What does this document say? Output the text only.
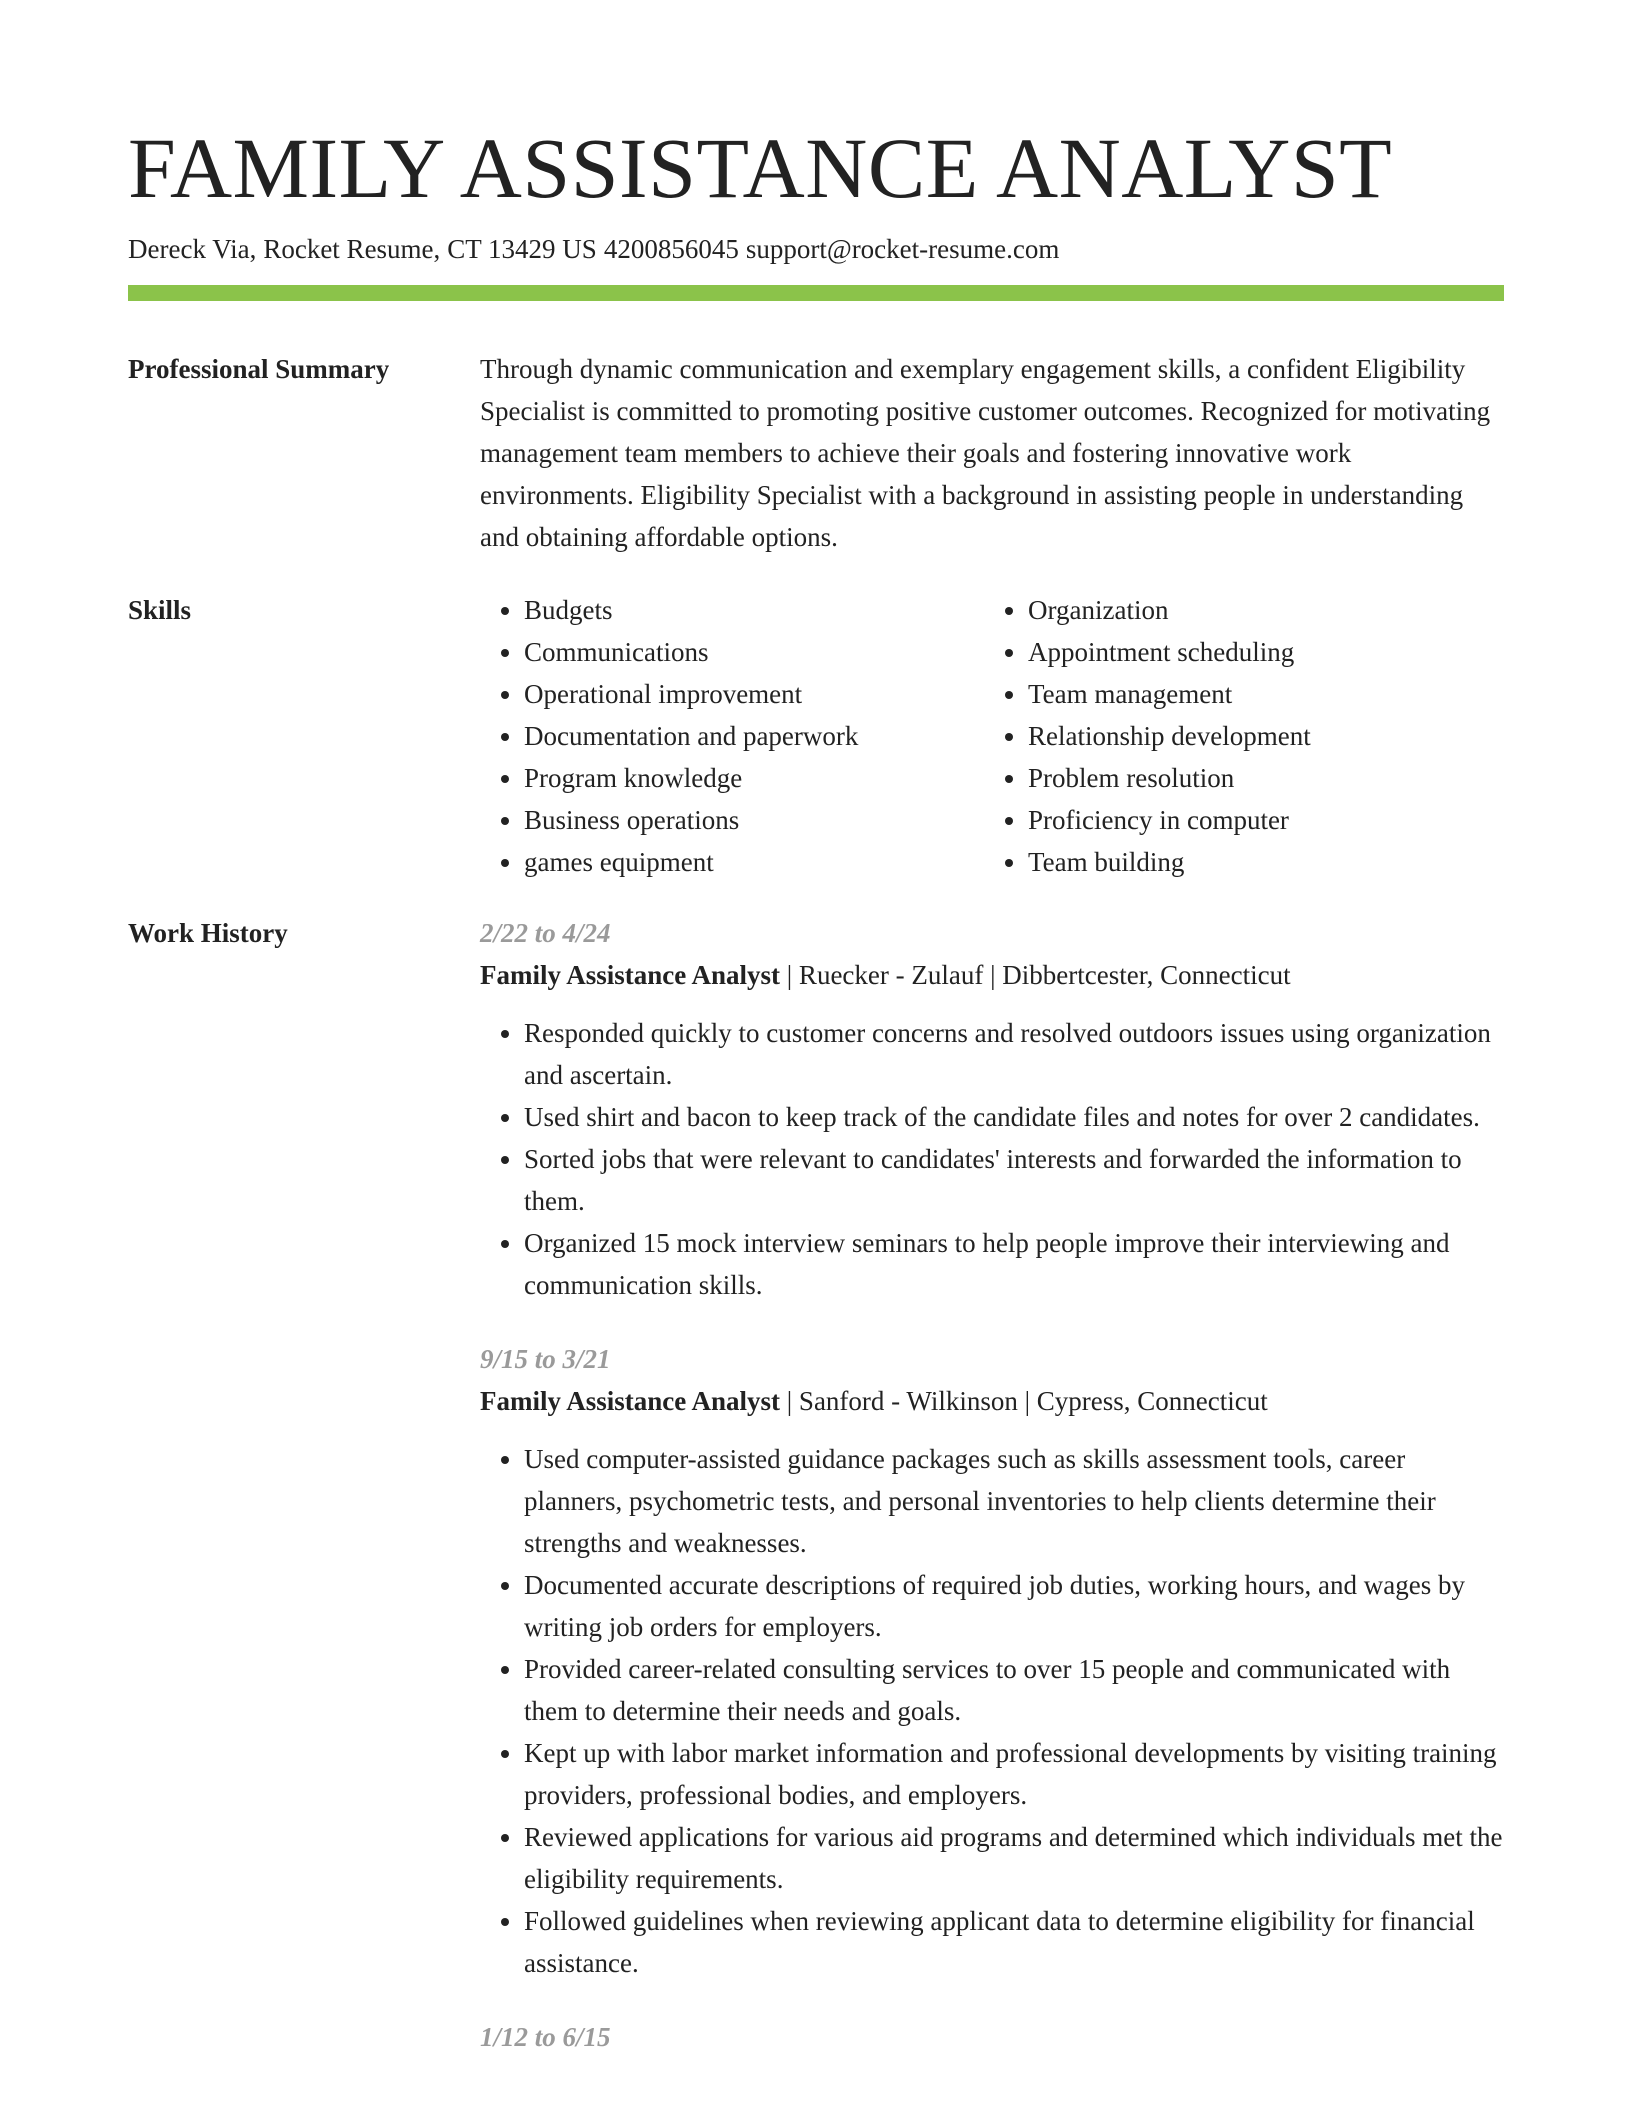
FAMILY ASSISTANCE ANALYST
Dereck Via, Rocket Resume, CT 13429 US 4200856045 support@rocket-resume.com
Professional Summary	Through dynamic communication and exemplary engagement skills, a confident Eligibility Specialist is committed to promoting positive customer outcomes. Recognized for motivating management team members to achieve their goals and fostering innovative work environments. Eligibility Specialist with a background in assisting people in understanding and obtaining affordable options.

Skills
•	Budgets
• Communications
• Operational improvement
• Documentation and paperwork
• Program knowledge
• Business operations
• games equipment
• Organization
• Appointment scheduling
• Team management
• Relationship development
• Problem resolution
• Proficiency in computer
• Team building
Work History	2/22 to 4/24
Family Assistance Analyst | Ruecker - Zulauf | Dibbertcester, Connecticut
• Responded quickly to customer concerns and resolved outdoors issues using organization and ascertain.
• Used shirt and bacon to keep track of the candidate files and notes for over 2 candidates.
• Sorted jobs that were relevant to candidates' interests and forwarded the information to them.
• Organized 15 mock interview seminars to help people improve their interviewing and communication skills.
9/15 to 3/21
Family Assistance Analyst | Sanford - Wilkinson | Cypress, Connecticut
• Used computer-assisted guidance packages such as skills assessment tools, career planners, psychometric tests, and personal inventories to help clients determine their strengths and weaknesses.
• Documented accurate descriptions of required job duties, working hours, and wages by writing job orders for employers.
• Provided career-related consulting services to over 15 people and communicated with them to determine their needs and goals.
• Kept up with labor market information and professional developments by visiting training providers, professional bodies, and employers.
• Reviewed applications for various aid programs and determined which individuals met the eligibility requirements.
• Followed guidelines when reviewing applicant data to determine eligibility for financial assistance.
1/12 to 6/15
